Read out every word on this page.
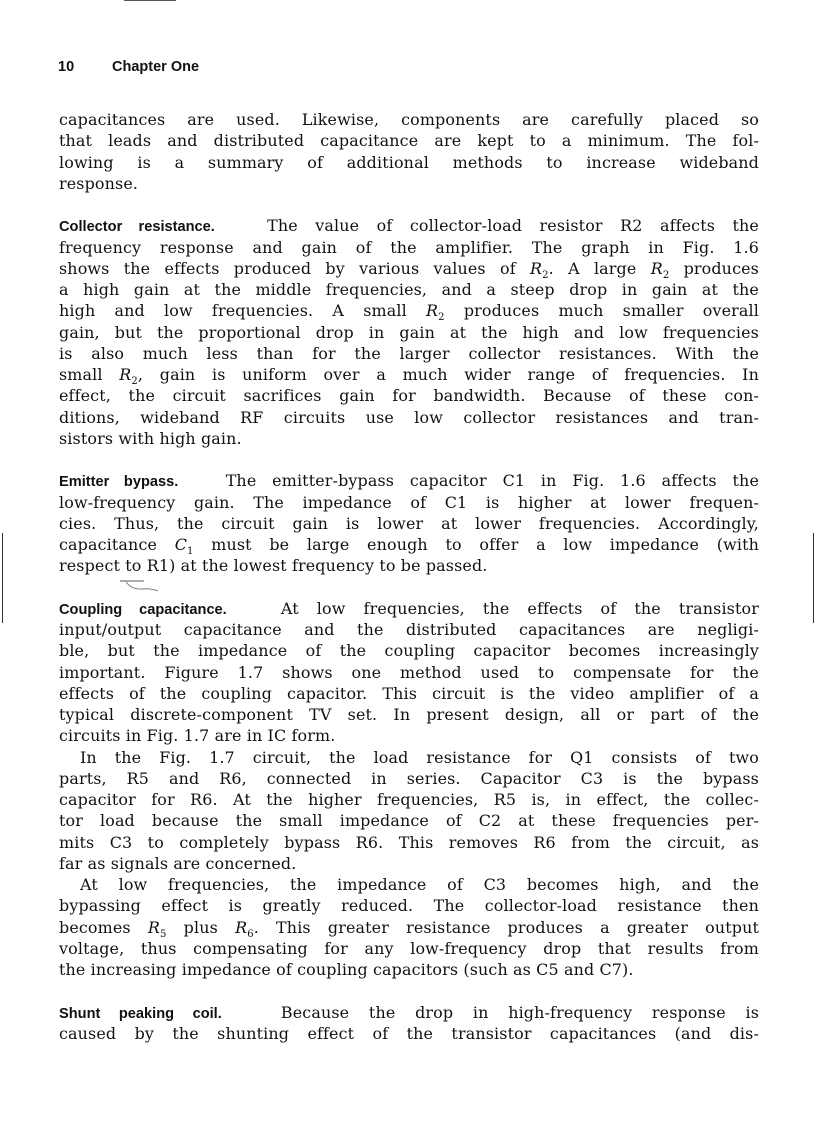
10	Chapter One
capacitances are used. Likewise, components are carefully placed so
that leads and distributed capacitance are kept to a minimum. The fol-
lowing is a summary of additional methods to increase wideband
response.
Collector resistance.	The value of collector-load resistor R2 affects the
frequency response and gain of the amplifier. The graph in Fig. 1.6
shows the effects produced by various values of $R_2$. A large $R_2$ produces
a high gain at the middle frequencies, and a steep drop in gain at the
high and low frequencies. A small $R_2$ produces much smaller overall
gain, but the proportional drop in gain at the high and low frequencies
is also much less than for the larger collector resistances. With the
small $R_2$, gain is uniform over a much wider range of frequencies. In
effect, the circuit sacrifices gain for bandwidth. Because of these con-
ditions, wideband RF circuits use low collector resistances and tran-
sistors with high gain.
Emitter bypass.	The emitter-bypass capacitor C1 in Fig. 1.6 affects the
low-frequency gain. The impedance of C1 is higher at lower frequen-
cies. Thus, the circuit gain is lower at lower frequencies. Accordingly,
capacitance $C_1$ must be large enough to offer a low impedance (with
respect to R1) at the lowest frequency to be passed.
Coupling capacitance.	At low frequencies, the effects of the transistor
input/output capacitance and the distributed capacitances are negligi-
ble, but the impedance of the coupling capacitor becomes increasingly
important. Figure 1.7 shows one method used to compensate for the
effects of the coupling capacitor. This circuit is the video amplifier of a
typical discrete-component TV set. In present design, all or part of the
circuits in Fig. 1.7 are in IC form.
In the Fig. 1.7 circuit, the load resistance for Q1 consists of two
parts, R5 and R6, connected in series. Capacitor C3 is the bypass
capacitor for R6. At the higher frequencies, R5 is, in effect, the collec-
tor load because the small impedance of C2 at these frequencies per-
mits C3 to completely bypass R6. This removes R6 from the circuit, as
far as signals are concerned.
At low frequencies, the impedance of C3 becomes high, and the
bypassing effect is greatly reduced. The collector-load resistance then
becomes $R_5$ plus $R_6$. This greater resistance produces a greater output
voltage, thus compensating for any low-frequency drop that results from
the increasing impedance of coupling capacitors (such as C5 and C7).
Shunt peaking coil.	Because the drop in high-frequency response is
caused by the shunting effect of the transistor capacitances (and dis-
